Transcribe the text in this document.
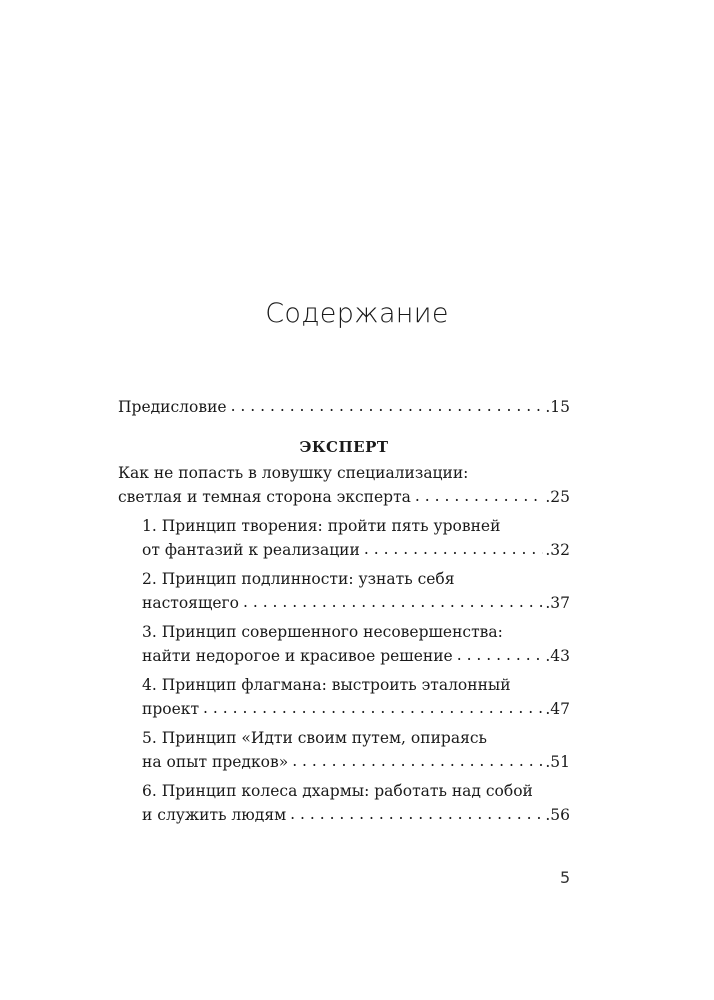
Содержание
Предисловие . . .	.15
ЭКСПЕРТ
Как не попасть в ловушку специализации:
светлая и темная сторона эксперта . . .	.25
1. Принцип творения: пройти пять уровней
от фантазий к реализации . . .	.32
2. Принцип подлинности: узнать себя
настоящего . . .	.37
3. Принцип совершенного несовершенства:
найти недорогое и красивое решение . . .	.43
4. Принцип флагмана: выстроить эталонный
проект . . .	.47
5. Принцип «Идти своим путем, опираясь
на опыт предков» . . .	.51
6. Принцип колеса дхармы: работать над собой
и служить людям . . .	.56
5
